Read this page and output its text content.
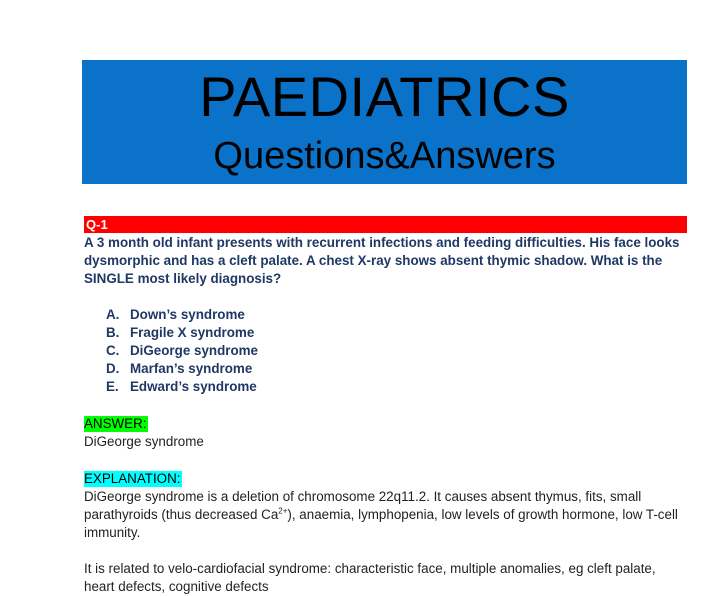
PAEDIATRICS
Questions&Answers
Q-1

A 3 month old infant presents with recurrent infections and feeding difficulties. His face looks dysmorphic and has a cleft palate. A chest X-ray shows absent thymic shadow. What is the SINGLE most likely diagnosis?

A. Down’s syndrome
B. Fragile X syndrome
C. DiGeorge syndrome
D. Marfan’s syndrome
E. Edward’s syndrome
ANSWER:

DiGeorge syndrome

EXPLANATION:

DiGeorge syndrome is a deletion of chromosome 22q11.2. It causes absent thymus, fits, small parathyroids (thus decreased $Ca^{2+}$), anaemia, lymphopenia, low levels of growth hormone, low T-cell immunity.

It is related to velo-cardiofacial syndrome: characteristic face, multiple anomalies, eg cleft palate, heart defects, cognitive defects
